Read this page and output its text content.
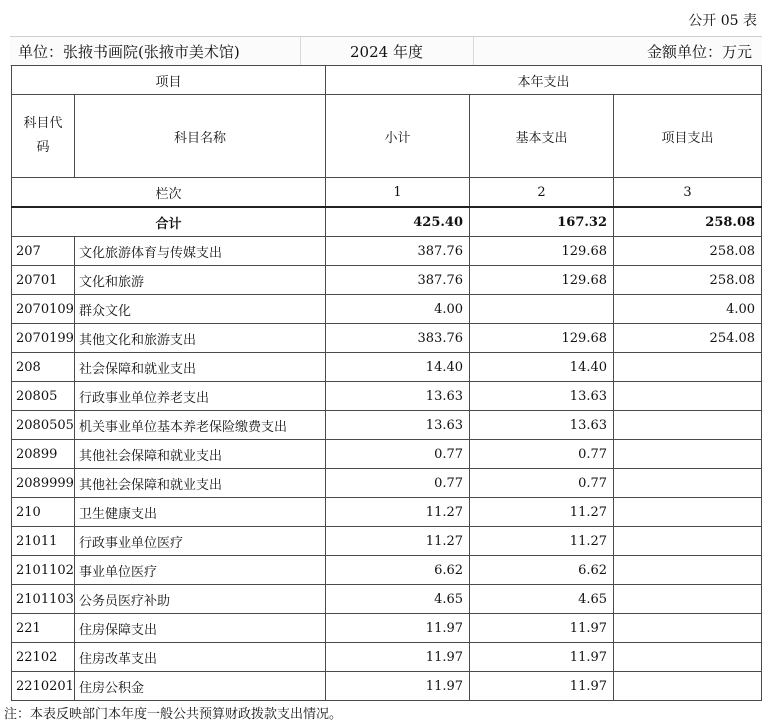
公开 05 表
单位：张掖书画院(张掖市美术馆)	2024 年度	金额单位：万元
项目		本年支出		
科目代码	科目名称	小计	基本支出	项目支出
栏次		1	2	3
合计		425.40	167.32	258.08
207	文化旅游体育与传媒支出	387.76	129.68	258.08
20701	文化和旅游	387.76	129.68	258.08
2070109	群众文化	4.00		4.00
2070199	其他文化和旅游支出	383.76	129.68	254.08
208	社会保障和就业支出	14.40	14.40	
20805	行政事业单位养老支出	13.63	13.63	
2080505	机关事业单位基本养老保险缴费支出	13.63	13.63	
20899	其他社会保障和就业支出	0.77	0.77	
2089999	其他社会保障和就业支出	0.77	0.77	
210	卫生健康支出	11.27	11.27	
21011	行政事业单位医疗	11.27	11.27	
2101102	事业单位医疗	6.62	6.62	
2101103	公务员医疗补助	4.65	4.65	
221	住房保障支出	11.97	11.97	
22102	住房改革支出	11.97	11.97	
2210201	住房公积金	11.97	11.97	
注：本表反映部门本年度一般公共预算财政拨款支出情况。
